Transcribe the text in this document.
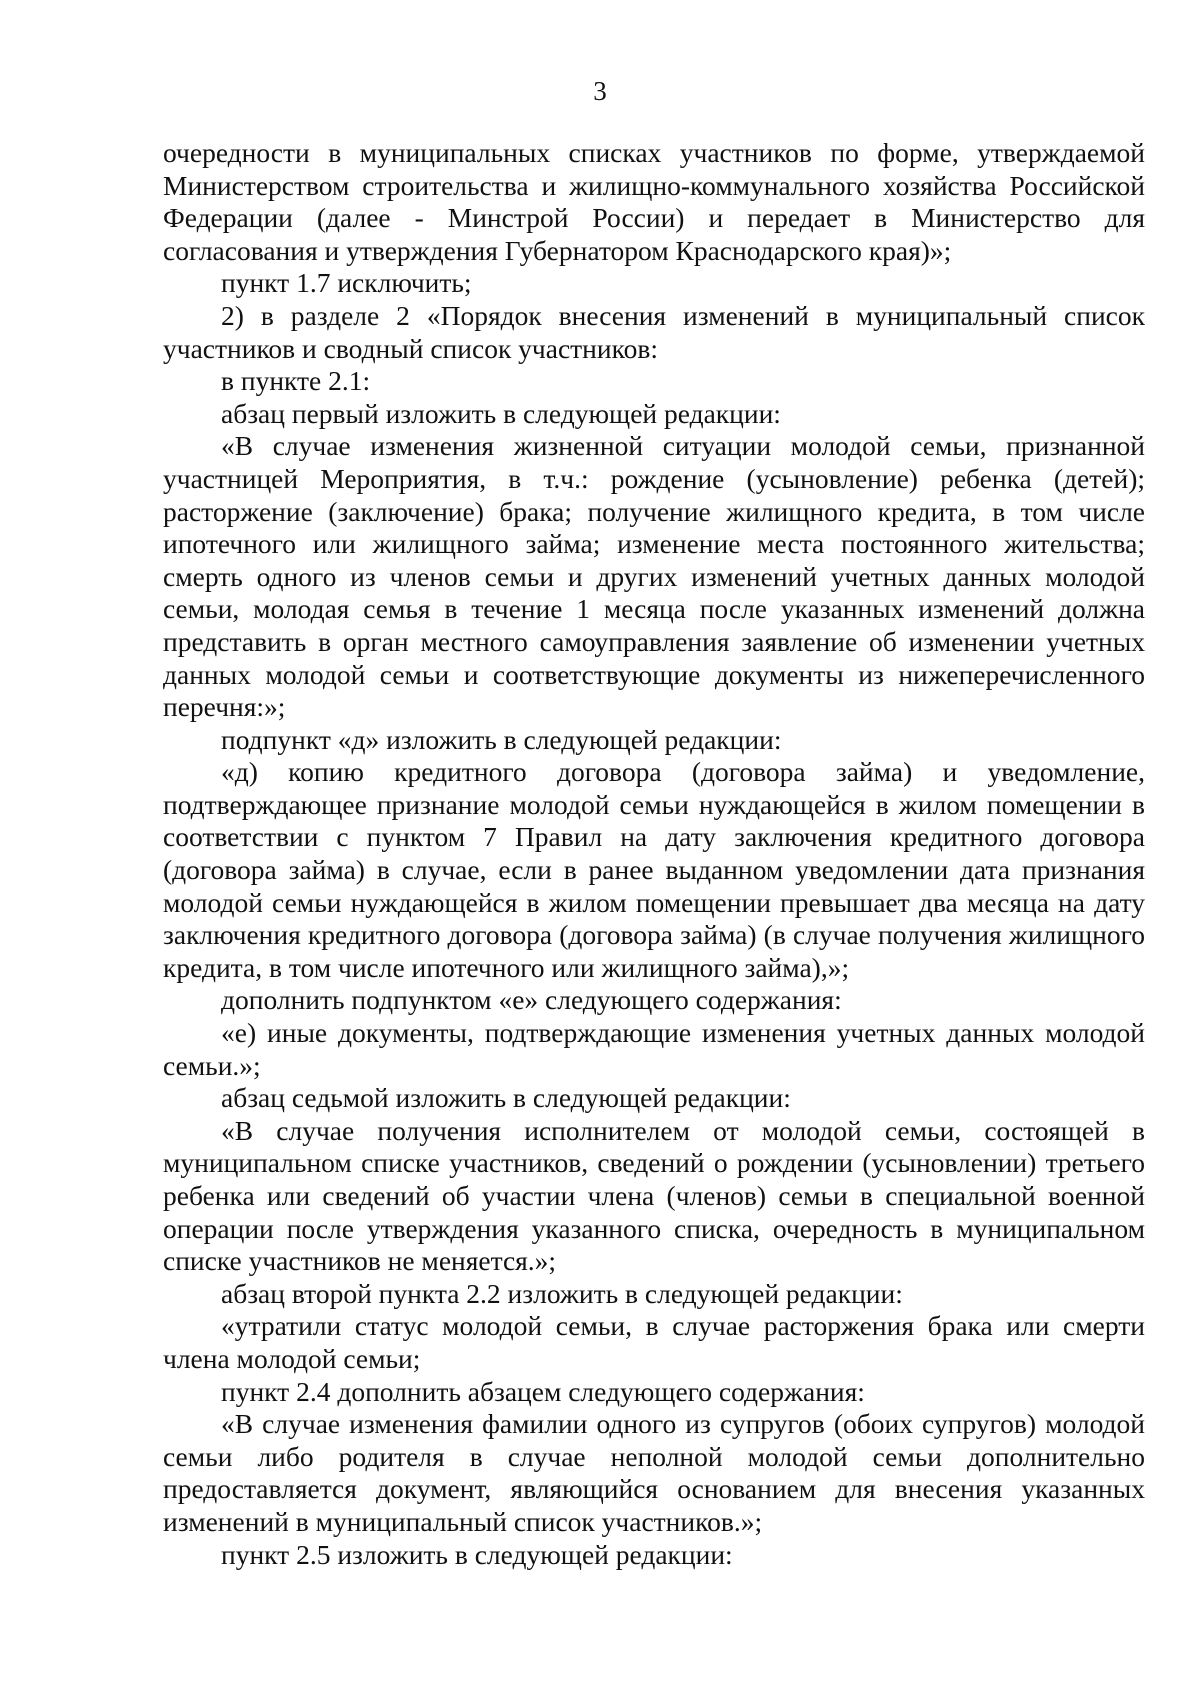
3

очередности в муниципальных списках участников по форме, утверждаемой Министерством строительства и жилищно-коммунального хозяйства Российской Федерации (далее - Минстрой России) и передает в Министерство для согласования и утверждения Губернатором Краснодарского края)»;

пункт 1.7 исключить;

2) в разделе 2 «Порядок внесения изменений в муниципальный список участников и сводный список участников:

в пункте 2.1:

абзац первый изложить в следующей редакции:

«В случае изменения жизненной ситуации молодой семьи, признанной участницей Мероприятия, в т.ч.: рождение (усыновление) ребенка (детей); расторжение (заключение) брака; получение жилищного кредита, в том числе ипотечного или жилищного займа; изменение места постоянного жительства; смерть одного из членов семьи и других изменений учетных данных молодой семьи, молодая семья в течение 1 месяца после указанных изменений должна представить в орган местного самоуправления заявление об изменении учетных данных молодой семьи и соответствующие документы из нижеперечисленного перечня:»;

подпункт «д» изложить в следующей редакции:

«д) копию кредитного договора (договора займа) и уведомление, подтверждающее признание молодой семьи нуждающейся в жилом помещении в соответствии с пунктом 7 Правил на дату заключения кредитного договора (договора займа) в случае, если в ранее выданном уведомлении дата признания молодой семьи нуждающейся в жилом помещении превышает два месяца на дату заключения кредитного договора (договора займа) (в случае получения жилищного кредита, в том числе ипотечного или жилищного займа),»;

дополнить подпунктом «е» следующего содержания:

«е) иные документы, подтверждающие изменения учетных данных молодой семьи.»;

абзац седьмой изложить в следующей редакции:

«В случае получения исполнителем от молодой семьи, состоящей в муниципальном списке участников, сведений о рождении (усыновлении) третьего ребенка или сведений об участии члена (членов) семьи в специальной военной операции после утверждения указанного списка, очередность в муниципальном списке участников не меняется.»;

абзац второй пункта 2.2 изложить в следующей редакции:

«утратили статус молодой семьи, в случае расторжения брака или смерти члена молодой семьи;

пункт 2.4 дополнить абзацем следующего содержания:

«В случае изменения фамилии одного из супругов (обоих супругов) молодой семьи либо родителя в случае неполной молодой семьи дополнительно предоставляется документ, являющийся основанием для внесения указанных изменений в муниципальный список участников.»;

пункт 2.5 изложить в следующей редакции:
